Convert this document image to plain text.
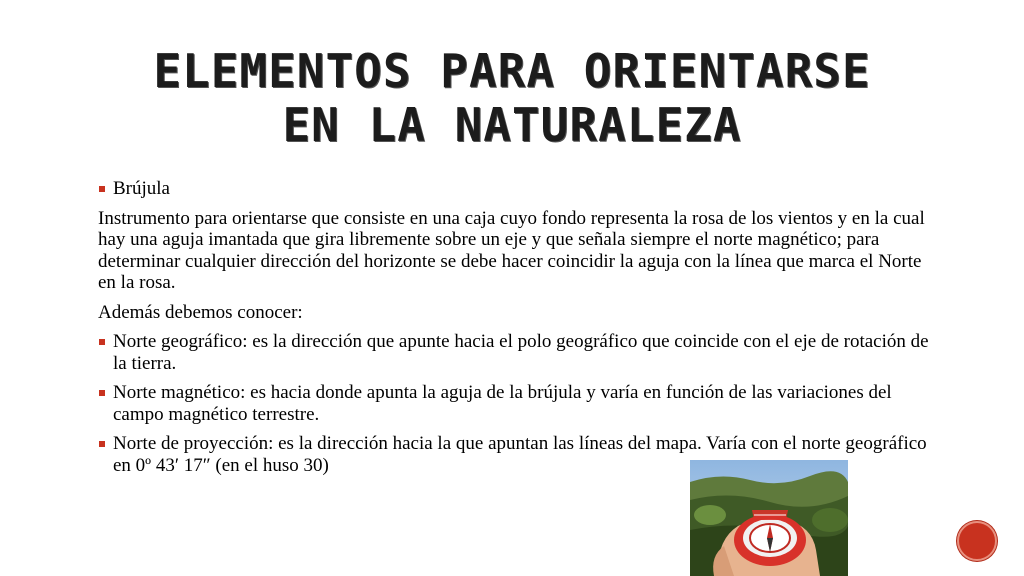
ELEMENTOS PARA ORIENTARSE EN LA NATURALEZA
Brújula
Instrumento para orientarse que consiste en una caja cuyo fondo representa la rosa de los vientos y en la cual hay una aguja imantada que gira libremente sobre un eje y que señala siempre el norte magnético; para determinar cualquier dirección del horizonte se debe hacer coincidir la aguja con la línea que marca el Norte en la rosa.
Además debemos conocer:
Norte geográfico: es la dirección que apunte hacia el polo geográfico que coincide con el eje de rotación de la tierra.
Norte magnético: es hacia donde apunta la aguja de la brújula y varía en función de las variaciones del campo magnético terrestre.
Norte de proyección: es la dirección hacia la que apuntan las líneas del mapa. Varía con el norte geográfico en 0º 43′ 17″ (en el huso 30)
